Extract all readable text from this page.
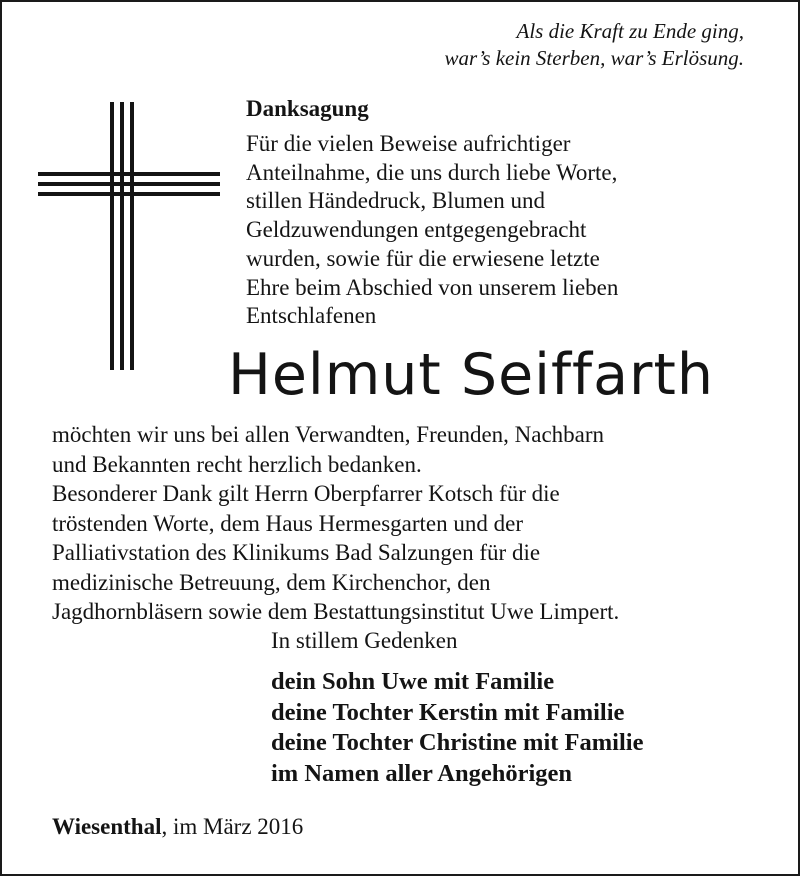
Als die Kraft zu Ende ging,
war’s kein Sterben, war’s Erlösung.
Danksagung
Für die vielen Beweise aufrichtiger
Anteilnahme, die uns durch liebe Worte,
stillen Händedruck, Blumen und
Geldzuwendungen entgegengebracht
wurden, sowie für die erwiesene letzte
Ehre beim Abschied von unserem lieben
Entschlafenen
Helmut Seiffarth
möchten wir uns bei allen Verwandten, Freunden, Nachbarn
und Bekannten recht herzlich bedanken.
Besonderer Dank gilt Herrn Oberpfarrer Kotsch für die
tröstenden Worte, dem Haus Hermesgarten und der
Palliativstation des Klinikums Bad Salzungen für die
medizinische Betreuung, dem Kirchenchor, den
Jagdhornbläsern sowie dem Bestattungsinstitut Uwe Limpert.
In stillem Gedenken
dein Sohn Uwe mit Familie
deine Tochter Kerstin mit Familie
deine Tochter Christine mit Familie
im Namen aller Angehörigen
Wiesenthal, im März 2016
